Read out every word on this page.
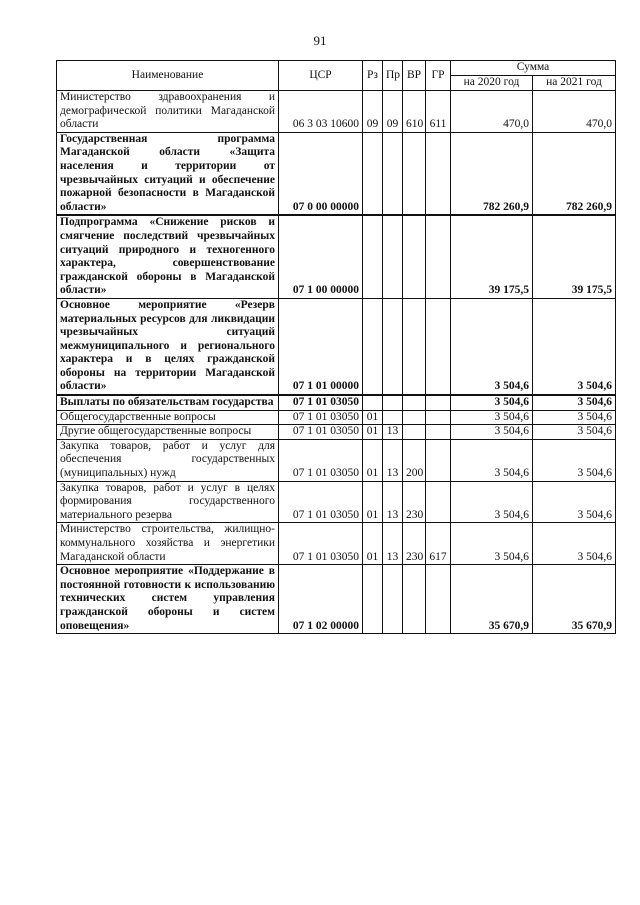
91
Наименование	ЦСР	Рз	Пр	ВР	ГР	Сумма	
						на 2020 год	на 2021 год
Министерство здравоохранения и демографической политики Магаданской области	06 3 03 10600	09	09	610	611	470,0	470,0
Государственная программа Магаданской области «Защита населения и территории от чрезвычайных ситуаций и обеспечение пожарной безопасности в Магаданской области»	07 0 00 00000					782 260,9	782 260,9
Подпрограмма «Снижение рисков и смягчение последствий чрезвычайных ситуаций природного и техногенного характера, совершенствование гражданской обороны в Магаданской области»	07 1 00 00000					39 175,5	39 175,5
Основное мероприятие «Резерв материальных ресурсов для ликвидации чрезвычайных ситуаций межмуниципального и регионального характера и в целях гражданской обороны на территории Магаданской области»	07 1 01 00000					3 504,6	3 504,6
Выплаты по обязательствам государства	07 1 01 03050					3 504,6	3 504,6
Общегосударственные вопросы	07 1 01 03050	01				3 504,6	3 504,6
Другие общегосударственные вопросы	07 1 01 03050	01	13			3 504,6	3 504,6
Закупка товаров, работ и услуг для обеспечения государственных (муниципальных) нужд	07 1 01 03050	01	13	200		3 504,6	3 504,6
Закупка товаров, работ и услуг в целях формирования государственного материального резерва	07 1 01 03050	01	13	230		3 504,6	3 504,6
Министерство строительства, жилищно-коммунального хозяйства и энергетики Магаданской области	07 1 01 03050	01	13	230	617	3 504,6	3 504,6
Основное мероприятие «Поддержание в постоянной готовности к использованию технических систем управления гражданской обороны и систем оповещения»	07 1 02 00000					35 670,9	35 670,9
